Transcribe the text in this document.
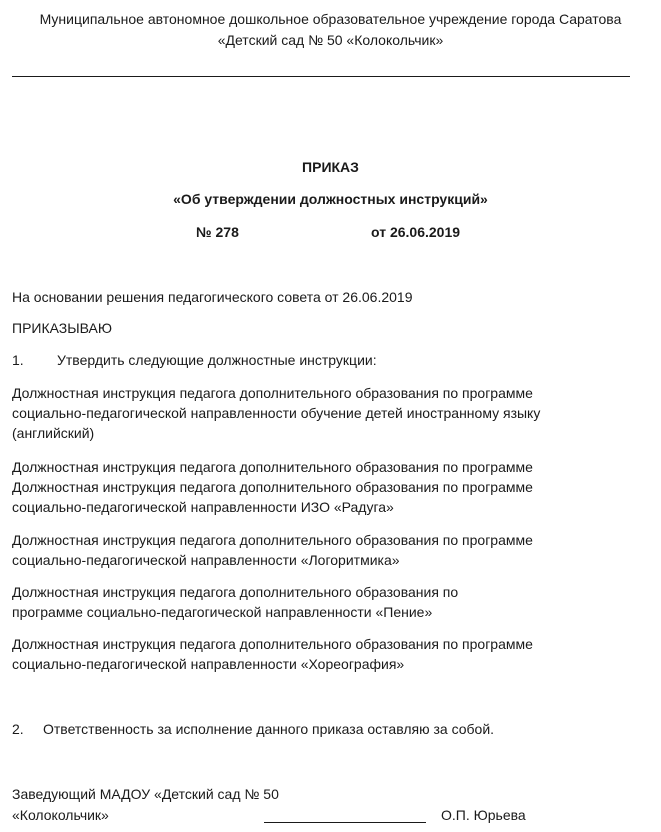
Муниципальное автономное дошкольное образовательное учреждение города Саратова
«Детский сад № 50 «Колокольчик»
ПРИКАЗ
«Об утверждении должностных инструкций»
№ 278	от 26.06.2019
На основании решения педагогического совета от 26.06.2019
ПРИКАЗЫВАЮ
1. Утвердить следующие должностные инструкции:
Должностная инструкция педагога дополнительного образования по программе
социально-педагогической направленности обучение детей иностранному языку
(английский)
Должностная инструкция педагога дополнительного образования по программе
Должностная инструкция педагога дополнительного образования по программе
социально-педагогической направленности ИЗО «Радуга»
Должностная инструкция педагога дополнительного образования по программе
социально-педагогической направленности «Логоритмика»
Должностная инструкция педагога дополнительного образования по
программе социально-педагогической направленности «Пение»
Должностная инструкция педагога дополнительного образования по программе
социально-педагогической направленности «Хореография»
2. Ответственность за исполнение данного приказа оставляю за собой.
Заведующий МАДОУ «Детский сад № 50
«Колокольчик»	О.П. Юрьева
